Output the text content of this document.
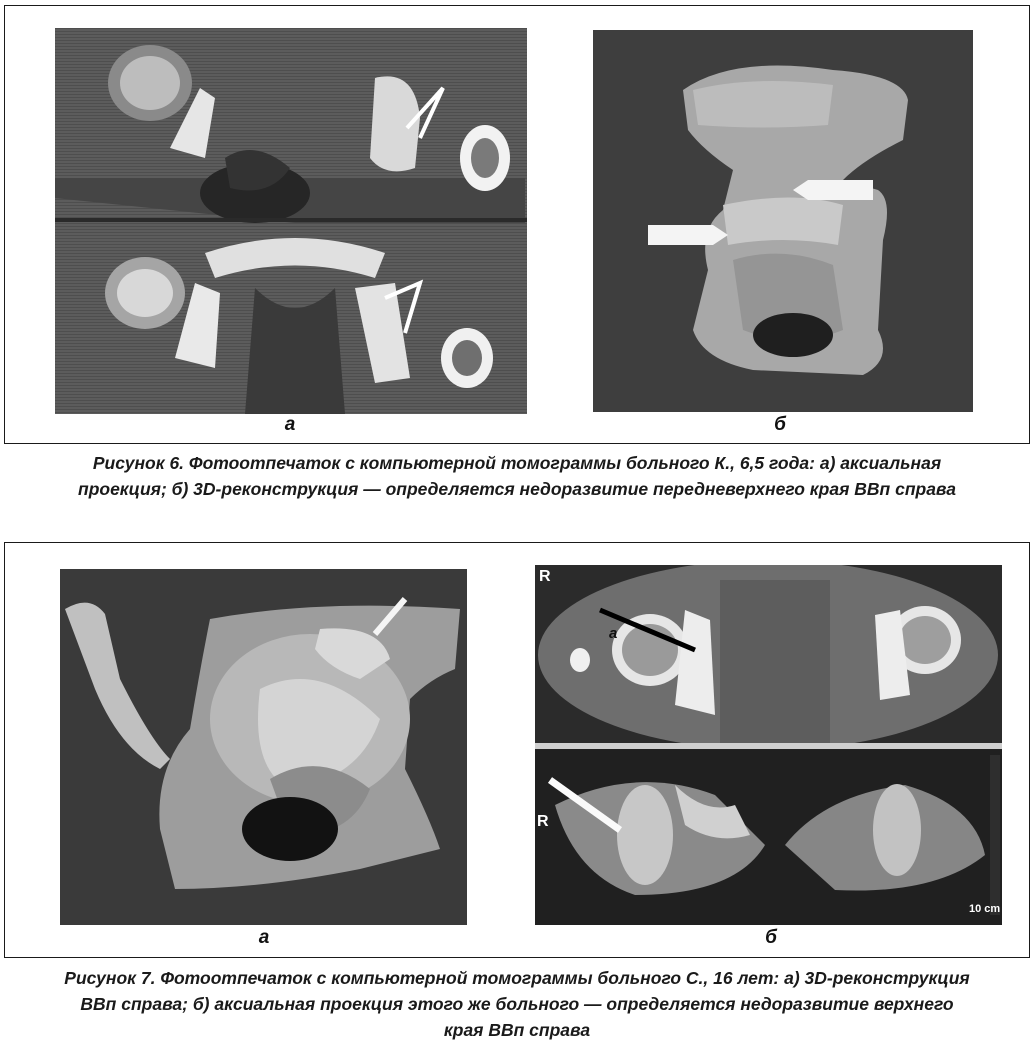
а	б
Рисунок 6. Фотоотпечаток с компьютерной томограммы больного К., 6,5 года: а) аксиальная
проекция; б) 3D-реконструкция — определяется недоразвитие передневерхнего края ВВп справа
а
R
а
R
10 cm
б
Рисунок 7. Фотоотпечаток с компьютерной томограммы больного С., 16 лет: а) 3D-реконструкция
ВВп справа; б) аксиальная проекция этого же больного — определяется недоразвитие верхнего
края ВВп справа
